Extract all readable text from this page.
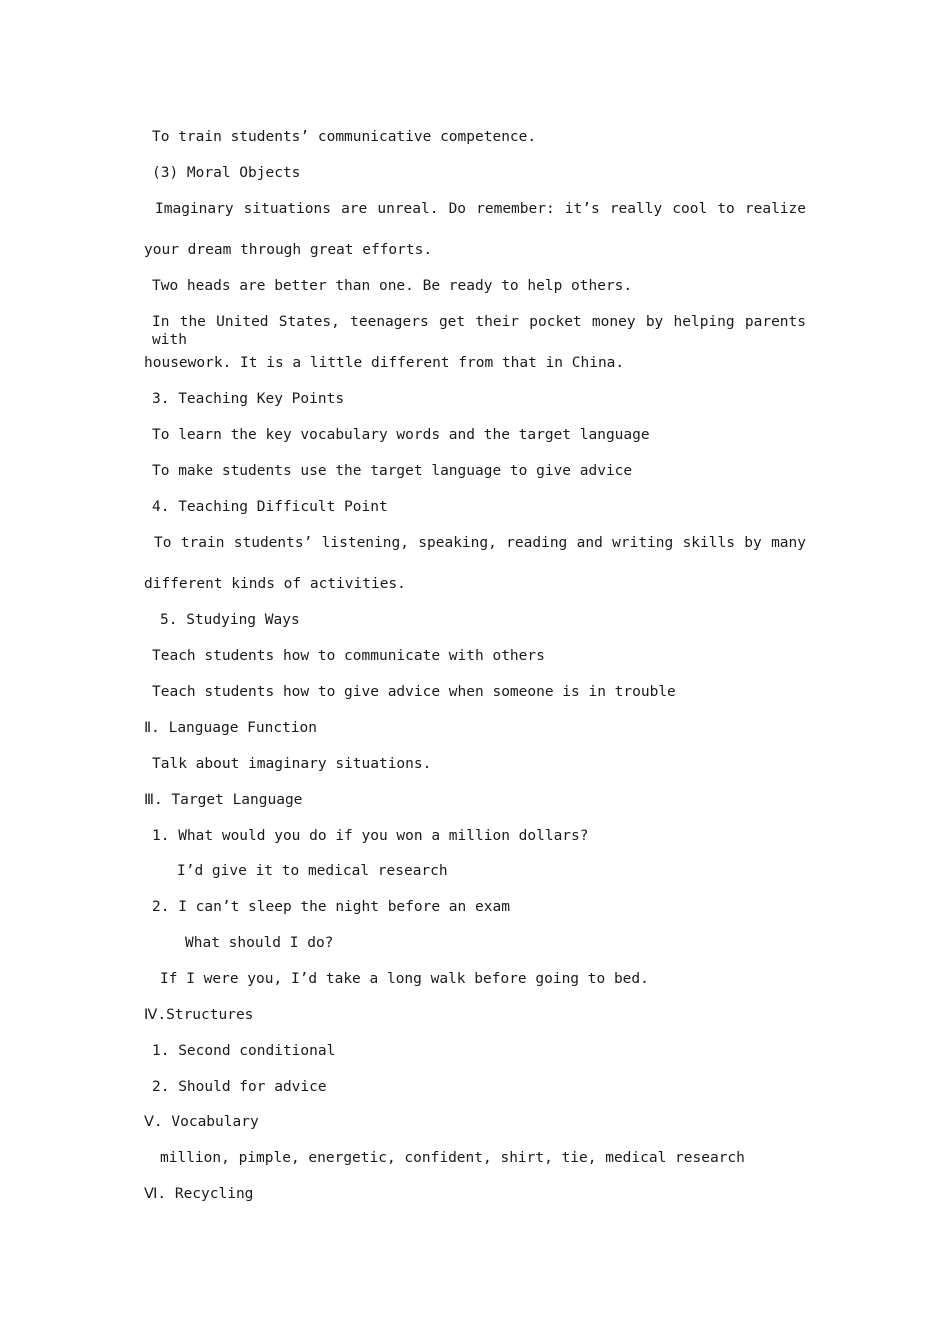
To train students’ communicative competence.
(3) Moral Objects
Imaginary situations are unreal. Do remember: it’s really cool to realize
your dream through great efforts.
Two heads are better than one. Be ready to help others.
In the United States, teenagers get their pocket money by helping parents with
housework. It is a little different from that in China.
3. Teaching Key Points
To learn the key vocabulary words and the target language
To make students use the target language to give advice
4. Teaching Difficult Point
To train students’ listening, speaking, reading and writing skills by many
different kinds of activities.
5. Studying Ways
Teach students how to communicate with others
Teach students how to give advice when someone is in trouble
Ⅱ. Language Function
Talk about imaginary situations.
Ⅲ. Target Language
1. What would you do if you won a million dollars?
I’d give it to medical research
2. I can’t sleep the night before an exam
What should I do?
If I were you, I’d take a long walk before going to bed.
Ⅳ.Structures
1. Second conditional
2. Should for advice
Ⅴ. Vocabulary
million, pimple, energetic, confident, shirt, tie, medical research
Ⅵ. Recycling
